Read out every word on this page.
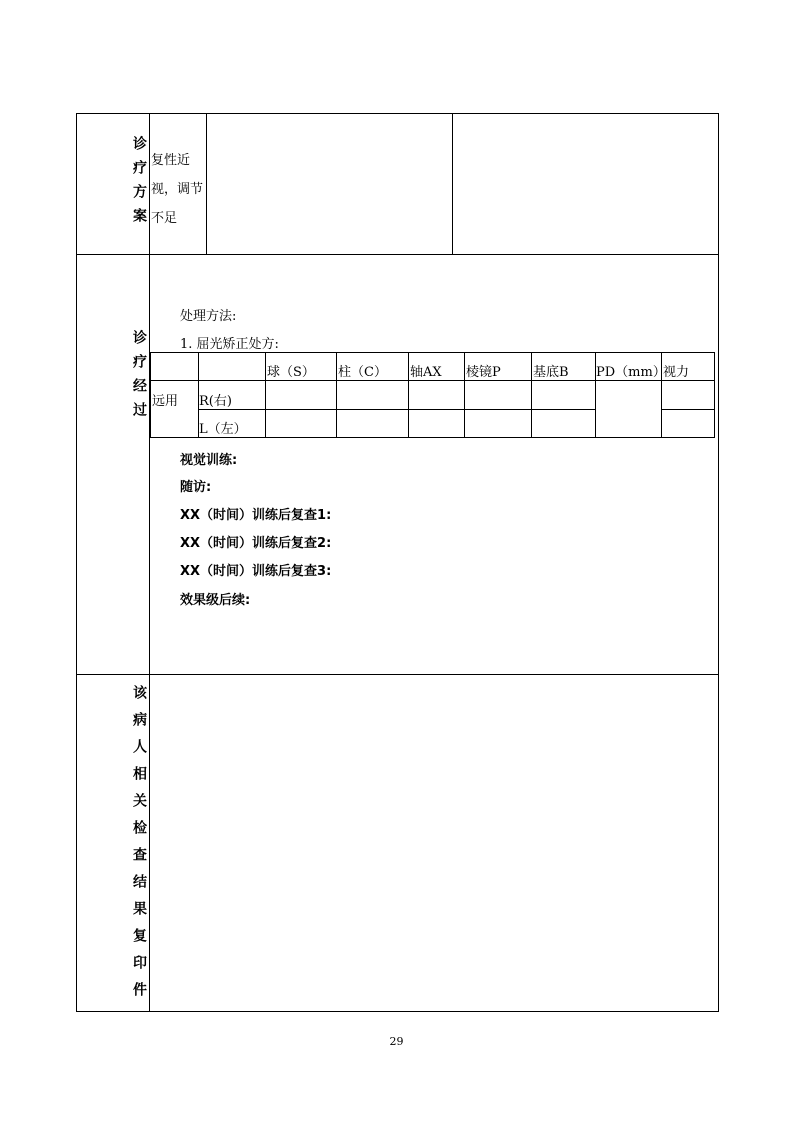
诊疗方案
诊疗经过
该病人相关检查结果复印件
复性近视，调节不足
处理方法:
1. 屈光矫正处方:
球（S） 柱（C） 轴AX 棱镜P 基底B PD（mm）
视力
远用 R(右)
L（左）
视觉训练:
随访:
XX（时间）训练后复查1:
XX（时间）训练后复查2:
XX（时间）训练后复查3:
效果级后续:
29
